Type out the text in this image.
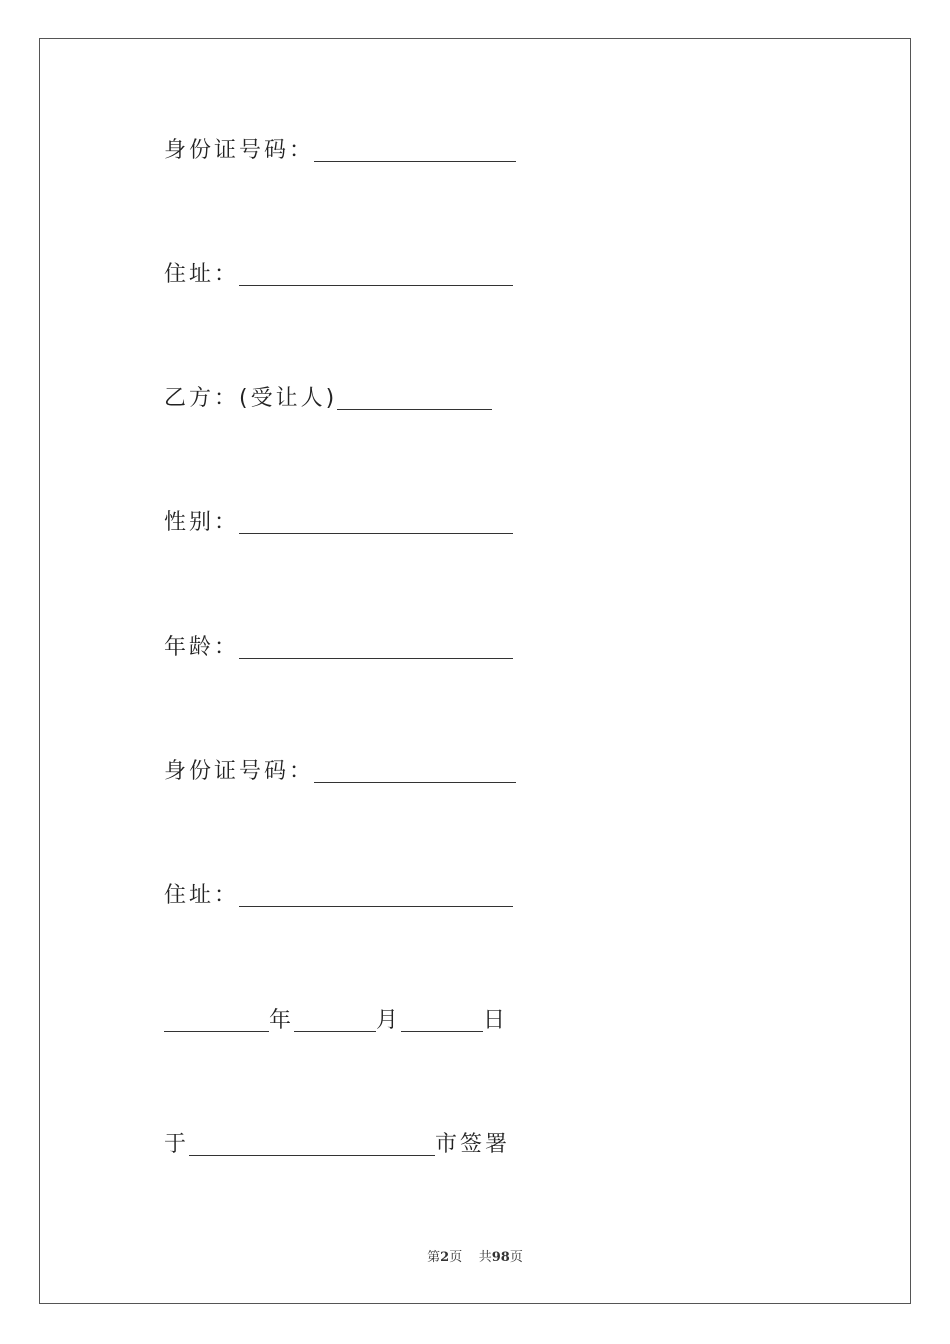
身份证号码：
住址：
乙方：(受让人)
性别：
年龄：
身份证号码：
住址：
年	月	日
于	市签署
第2页 共98页
